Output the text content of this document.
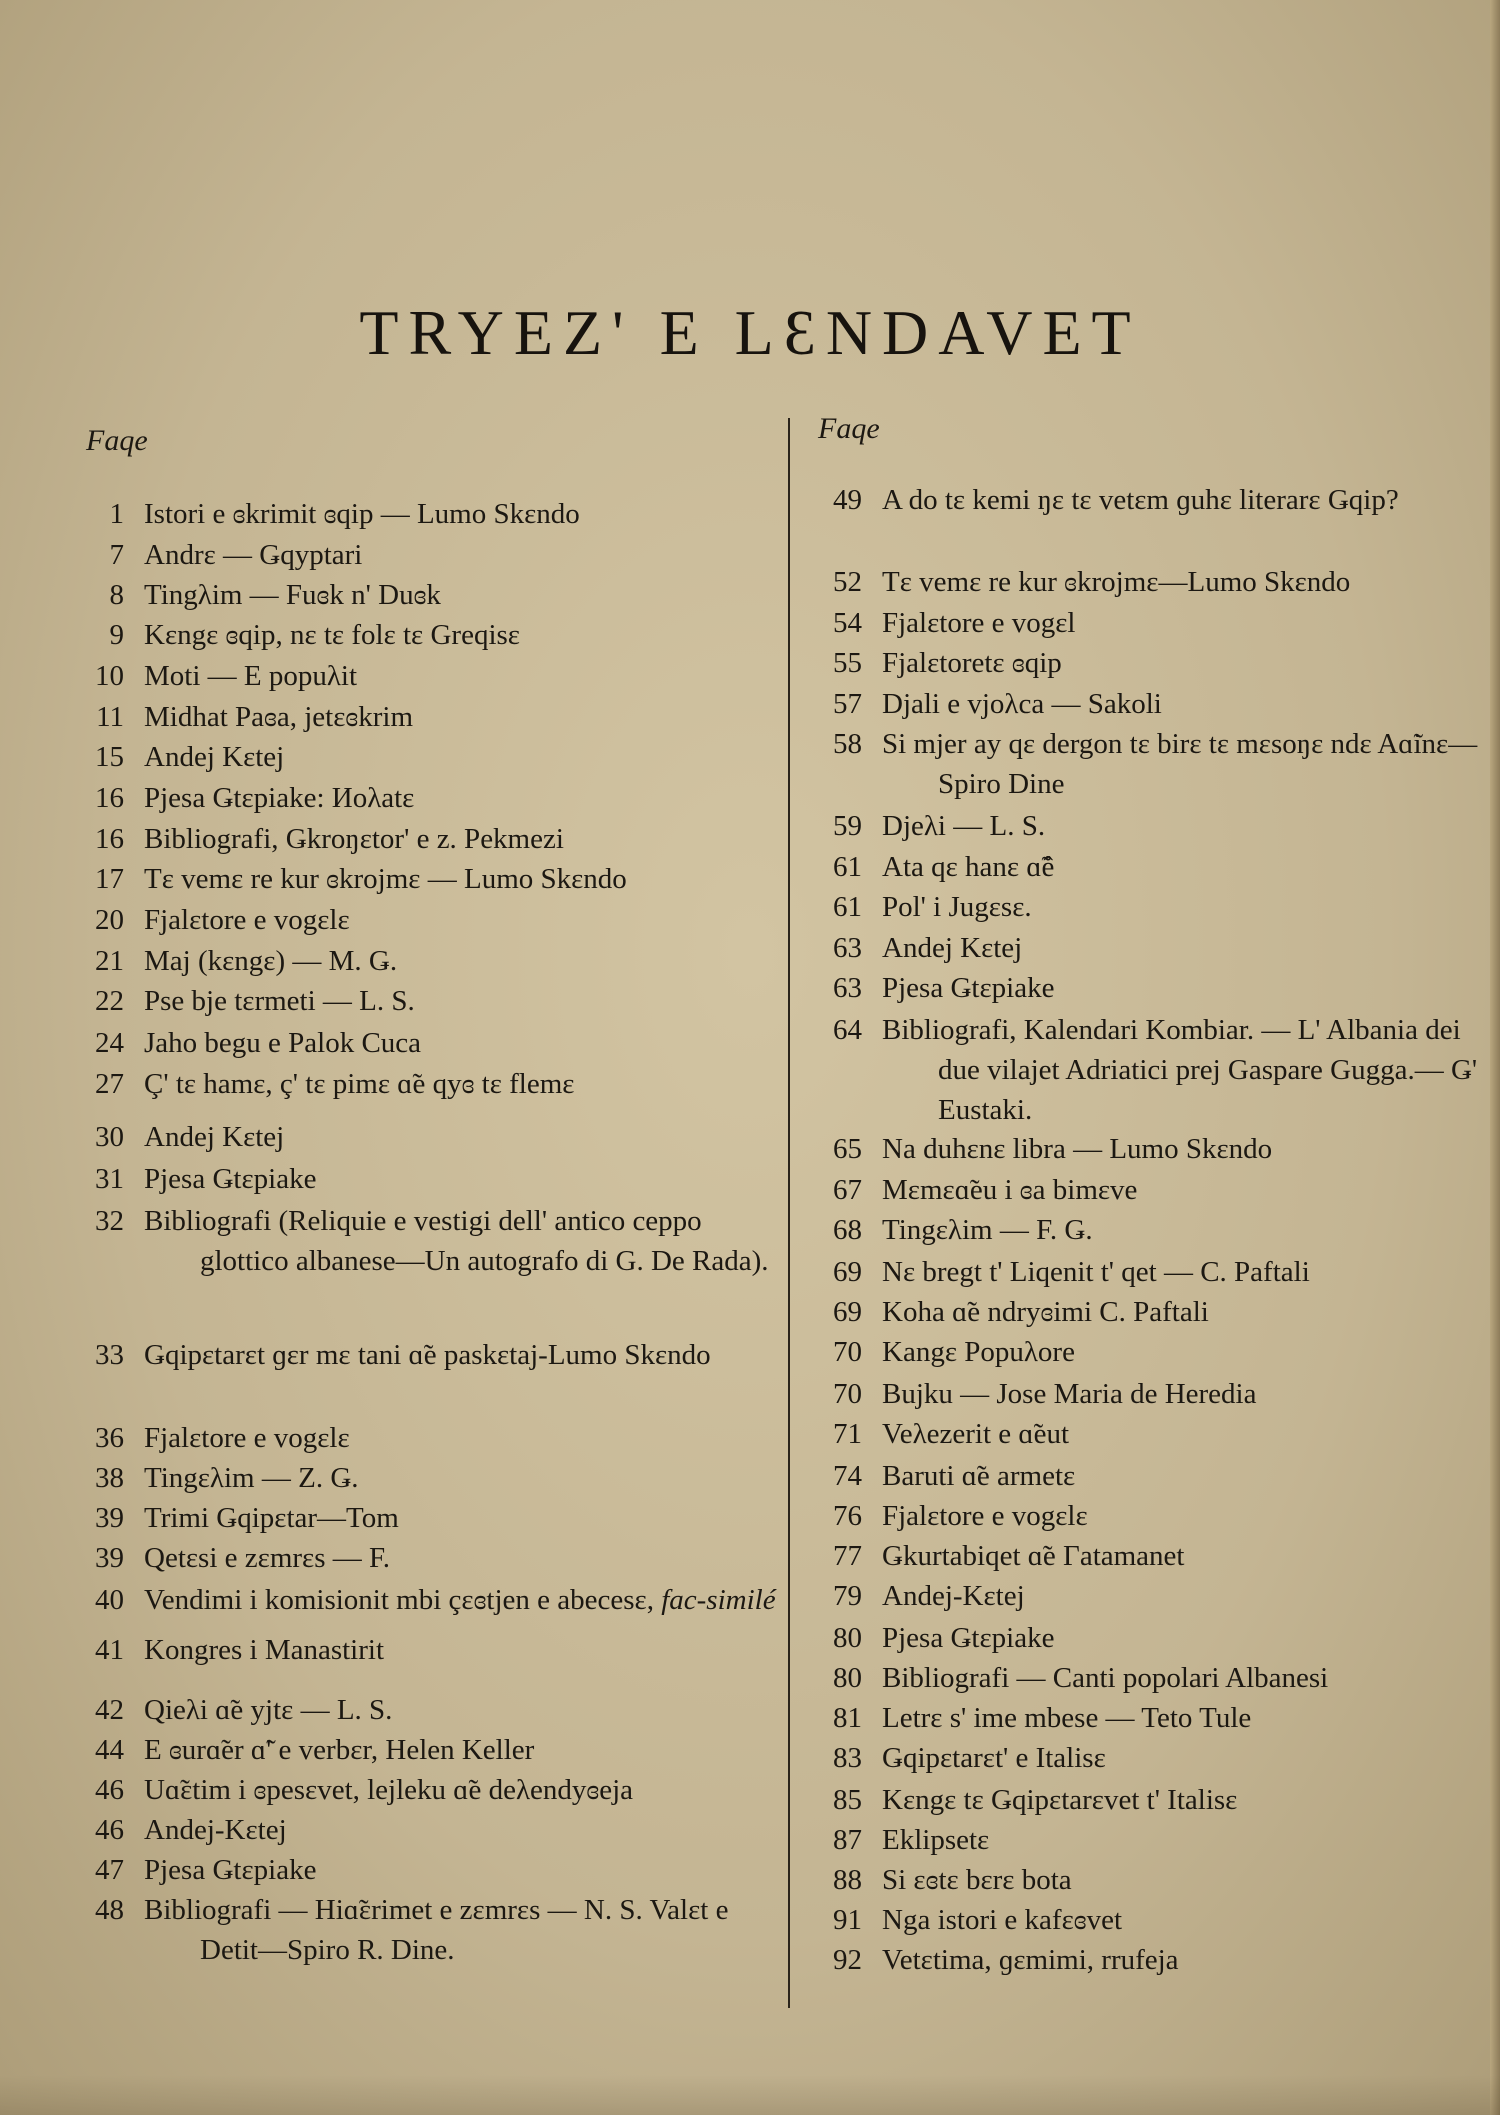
TRYEZ' E LƐNDAVET
Faqe	Faqe
1 Istori e ɞkrimit ɞqip — Lumo Skɛndo
7 Andrɛ — Ǥqyptari
8 Tingλim — Fuɞk n' Duɞk
9 Kɛngɛ ɞqip, nɛ tɛ folɛ tɛ Greqisɛ
10 Moti — E popuλit
11 Midhat Paɞa, jetɛɞkrim
15 Andej Kɛtej
16 Pjesa Ǥtɛpiake: Иоλаtɛ
16 Bibliografi, Ǥkroŋɛtor' e z. Pekmezi
17 Tɛ vemɛ re kur ɞkrojmɛ — Lumo Skɛndo
20 Fjalɛtore e vogɛlɛ
21 Maj (kɛngɛ) — M. Ǥ.
22 Pse bje tɛrmeti — L. S.
24 Jaho begu e Palok Cuca
27 Ç' tɛ hamɛ, ç' tɛ pimɛ ɑ̃e qyɞ tɛ flemɛ
30 Andej Kɛtej
31 Pjesa Ǥtɛpiake
32 Bibliografi (Reliquie e vestigi dell' antico ceppo glottico albanese—Un autografo di G. De Rada).
33 Ǥqipɛtarɛt ɡɛr mɛ tani ɑ̃e paskɛtaj-Lumo Skɛndo
36 Fjalɛtore e vogɛlɛ
38 Tingɛλim — Z. Ǥ.
39 Trimi Ǥqipɛtar—Tom
39 Qetɛsi e zɛmrɛs — F.
40 Vendimi i komisionit mbi çɛɞtjen e abecesɛ, fac-similé
41 Kongres i Manastirit
42 Qieλi ɑ̃e yjtɛ — L. S.
44 E ɞurɑ̃er ɑ̃' e verbɛr, Helen Keller
46 Uɑ̃ɛtim i ɞpesɛvet, lejleku ɑ̃e deλendyɞeja
46 Andej-Kɛtej
47 Pjesa Ǥtɛpiake
48 Bibliografi — Hiɑ̃ɛrimet e zɛmrɛs — N. S. Valɛt e Detit—Spiro R. Dine.
49 A do tɛ kemi ŋɛ tɛ vetɛm ɡuhɛ literarɛ Ǥqip?
52 Tɛ vemɛ re kur ɞkrojmɛ—Lumo Skɛndo
54 Fjalɛtore e vogɛl
55 Fjalɛtoretɛ ɞqip
57 Djali e vjoλca — Sakoli
58 Si mjer ay qɛ dergon tɛ birɛ tɛ mɛsoŋɛ ndɛ Aɑ̃inɛ—Spiro Dine
59 Djeλi — L. S.
61 Ata qɛ hanɛ ɑ̃ê
61 Pol' i Jugɛsɛ.
63 Andej Kɛtej
63 Pjesa Ǥtɛpiake
64 Bibliografi, Kalendari Kombiar. — L' Albania dei due vilajet Adriatici prej Gaspare Gugga.— Ǥ' Eustaki.
65 Na duhɛnɛ libra — Lumo Skɛndo
67 Mɛmɛɑ̃eu i ɞa bimɛve
68 Tingɛλim — F. Ǥ.
69 Nɛ bregt t' Liqenit t' qet — C. Paftali
69 Koha ɑ̃e ndryɞimi C. Paftali
70 Kangɛ Popuλore
70 Bujku — Jose Maria de Heredia
71 Veλezerit e ɑ̃eut
74 Baruti ɑ̃e armetɛ
76 Fjalɛtore e vogɛlɛ
77 Ǥkurtabiqet ɑ̃e Гatamanet
79 Andej-Kɛtej
80 Pjesa Ǥtɛpiake
80 Bibliografi — Canti popolari Albanesi
81 Letrɛ s' ime mbese — Teto Tule
83 Ǥqipɛtarɛt' e Italisɛ
85 Kɛngɛ tɛ Ǥqipɛtarɛvet t' Italisɛ
87 Eklipsetɛ
88 Si ɛɞtɛ bɛrɛ bota
91 Nga istori e kafɛɞvet
92 Vetɛtima, ɡɛmimi, rrufeja
